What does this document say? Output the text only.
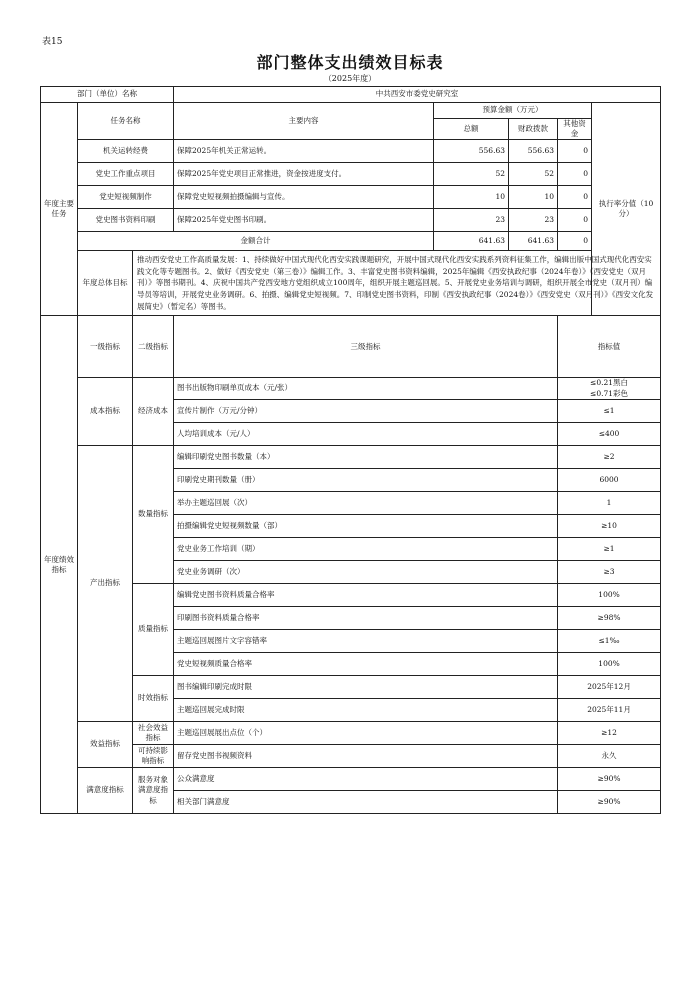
表15
部门整体支出绩效目标表
（2025年度）
部门（单位）名称			中共西安市委党史研究室					
年度主要任务	任务名称		主要内容	预算金额（万元）			执行率分值（10分）	
				总额	财政拨款	其他资金		
	机关运转经费		保障2025年机关正常运转。	556.63	556.63	0		
	党史工作重点项目		保障2025年党史项目正常推进，资金按进度支付。	52	52	0		
	党史短视频制作		保障党史短视频拍摄编辑与宣传。	10	10	0		
	党史图书资料印刷		保障2025年党史图书印刷。	23	23	0		
	金额合计			641.63	641.63	0		
	年度总体目标	推动西安党史工作高质量发展：1、持续做好中国式现代化西安实践课题研究，开展中国式现代化西安实践系列资料征集工作，编辑出版中国式现代化西安实践文化等专题图书。2、做好《西安党史（第三卷）》编辑工作。3、丰富党史图书资料编辑，2025年编辑《西安执政纪事（2024年卷）》《西安党史（双月刊）》等图书期刊。4、庆祝中国共产党西安地方党组织成立100周年，组织开展主题巡回展。5、开展党史业务培训与调研，组织开展全市党史（双月刊）编导员等培训，开展党史业务调研。6、拍摄、编辑党史短视频。7、印制党史图书资料，印制《西安执政纪事（2024卷）》《西安党史（双月刊）》《西安文化发展简史》（暂定名）等图书。						
年度绩效指标	一级指标	二级指标	三级指标			指标值	
	成本指标	经济成本	图书出版物印刷单页成本（元/张）			≤0.21黑白
≤0.71彩色

			宣传片制作（万元/分钟）			≤1	
			人均培训成本（元/人）			≤400	
	产出指标	数量指标	编辑印刷党史图书数量（本）			≥2	
			印刷党史期刊数量（册）			6000	
			举办主题巡回展（次）			1	
			拍摄编辑党史短视频数量（部）			≥10	
			党史业务工作培训（期）			≥1	
			党史业务调研（次）			≥3	
		质量指标	编辑党史图书资料质量合格率			100%	
			印刷图书资料质量合格率			≥98%	
			主题巡回展图片文字容错率			≤1‰	
			党史短视频质量合格率			100%	
		时效指标	图书编辑印刷完成时限			2025年12月	
			主题巡回展完成时限			2025年11月	
	效益指标	社会效益指标	主题巡回展展出点位（个）			≥12	
		可持续影响指标	留存党史图书视频资料			永久	
	满意度指标	服务对象满意度指标	公众满意度			≥90%	
			相关部门满意度			≥90%	
